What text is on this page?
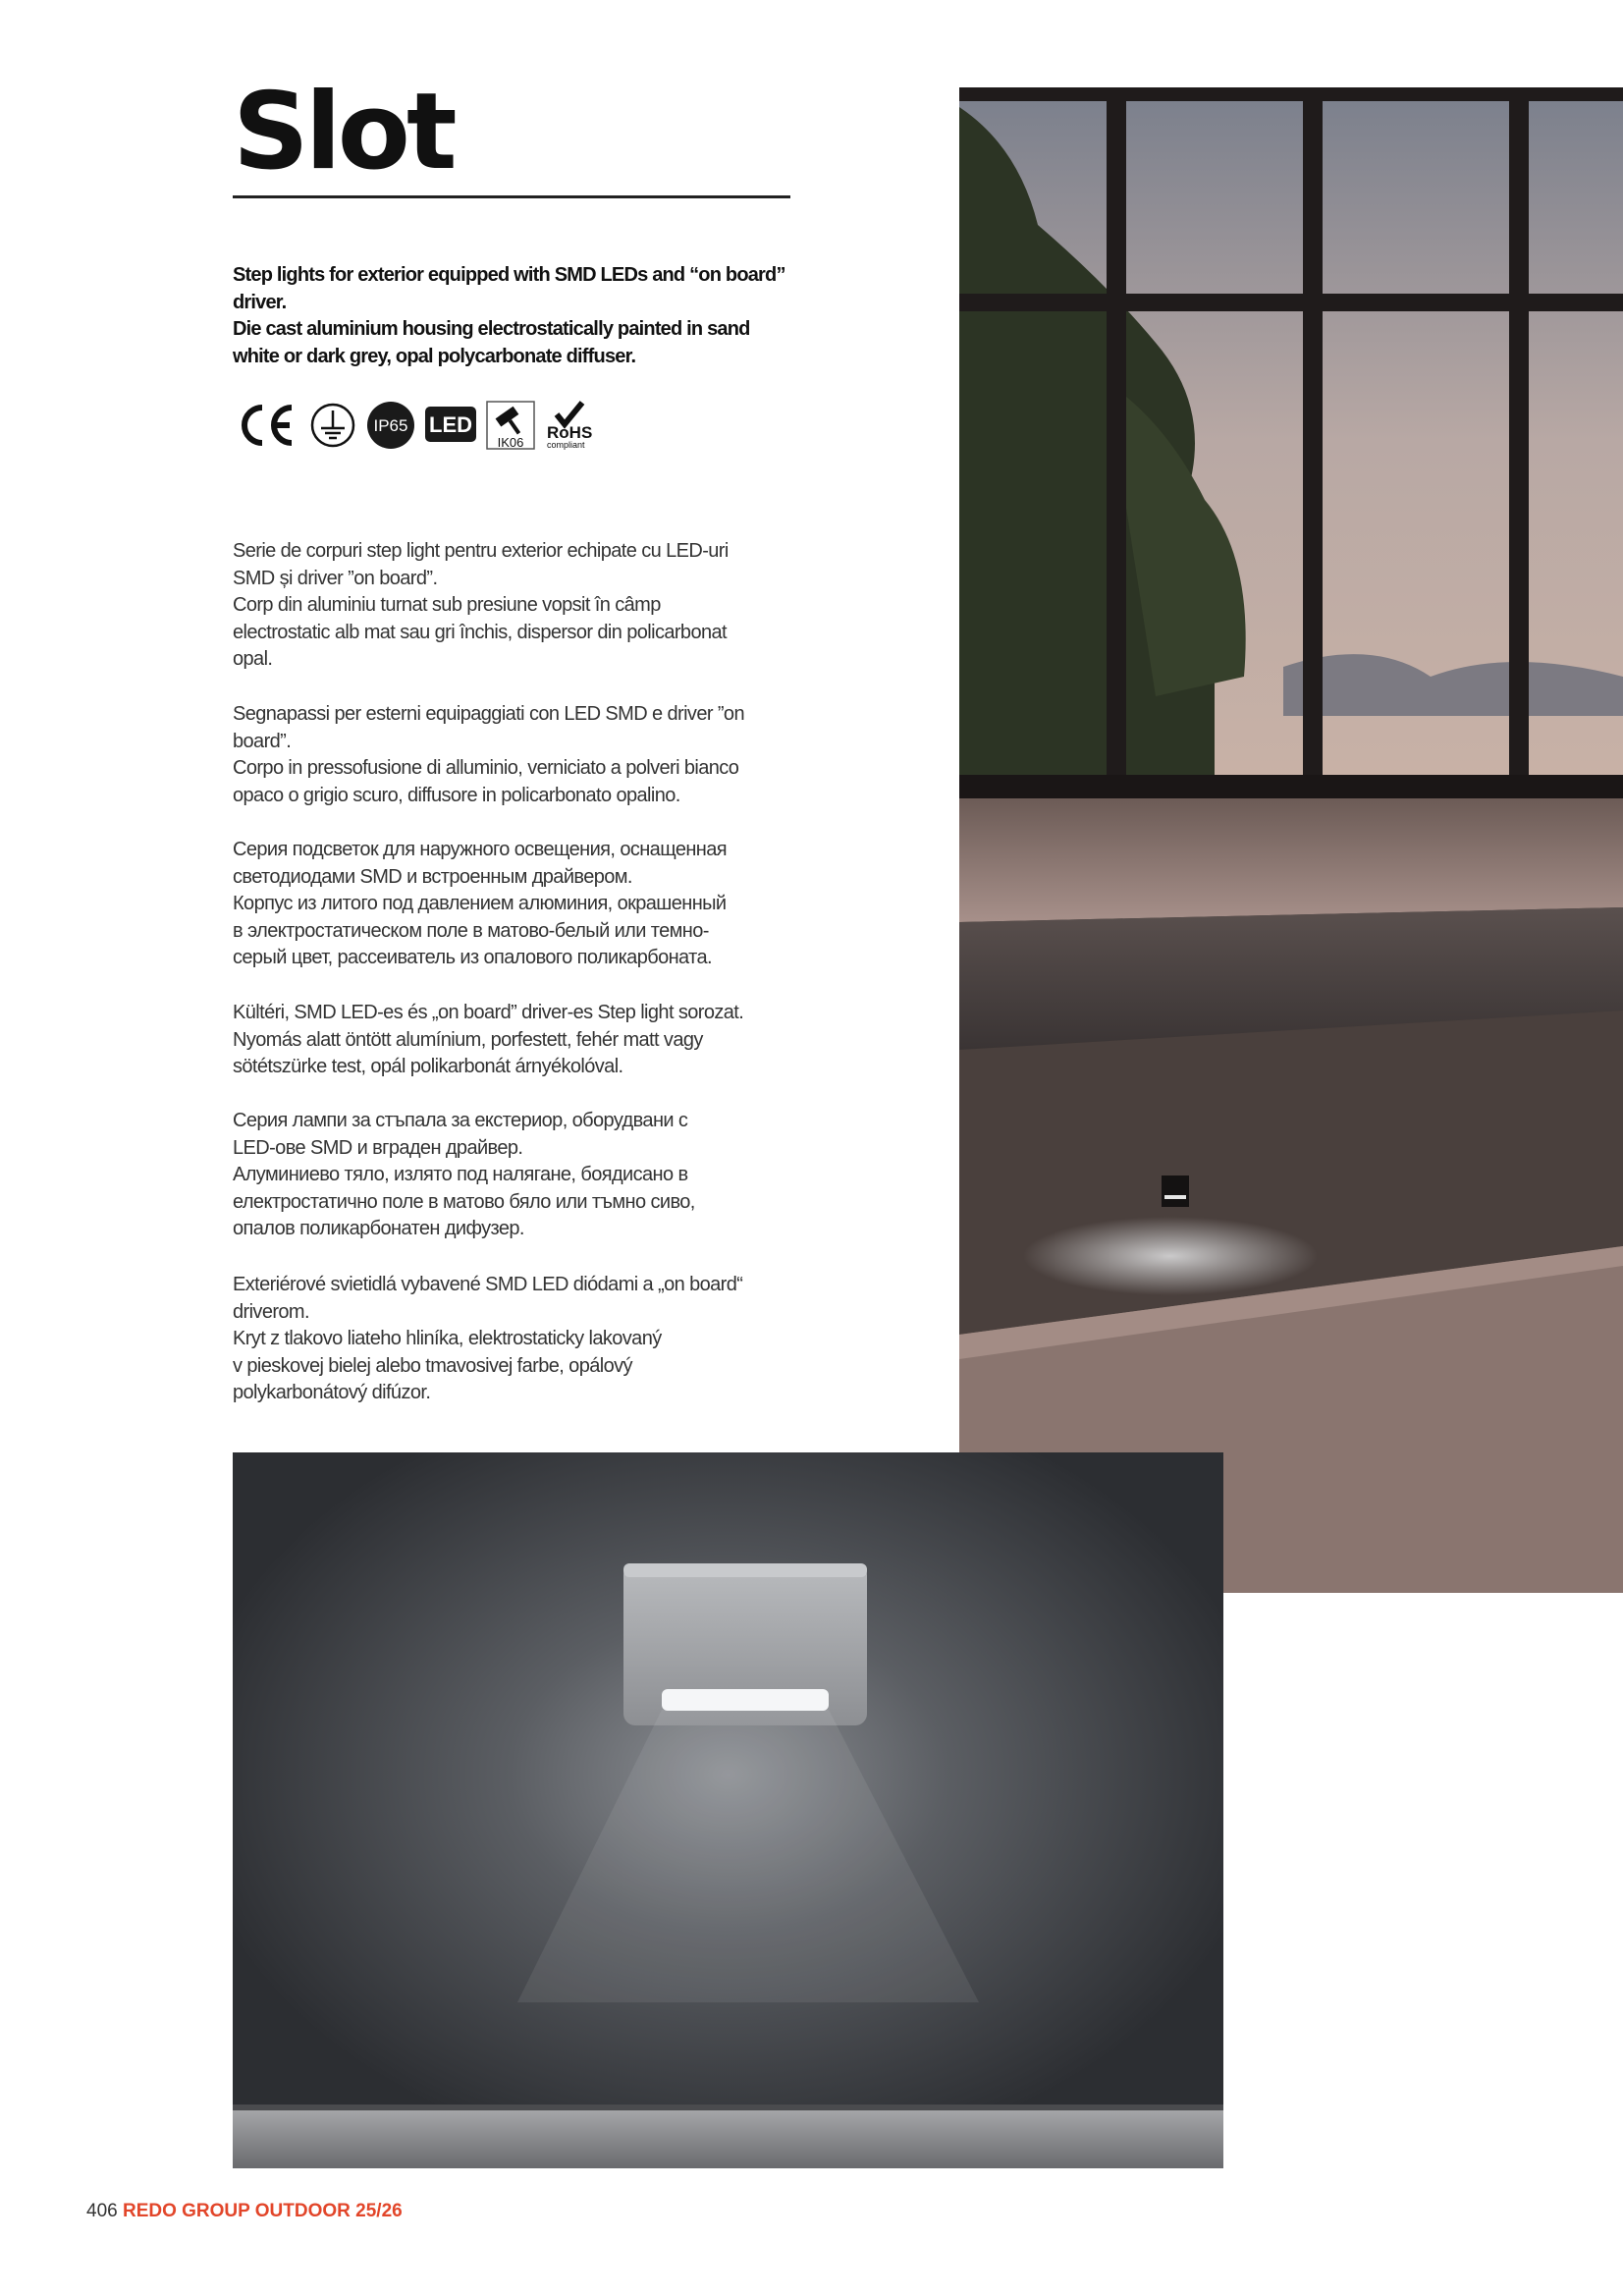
Slot
Step lights for exterior equipped with SMD LEDs and “on board”
driver.
Die cast aluminium housing electrostatically painted in sand
white or dark grey, opal polycarbonate diffuser.
IP65 LED
IK06
RoHS
compliant
Serie de corpuri step light pentru exterior echipate cu LED-uri
SMD și driver ”on board”.
Corp din aluminiu turnat sub presiune vopsit în câmp
electrostatic alb mat sau gri închis, dispersor din policarbonat
opal.
Segnapassi per esterni equipaggiati con LED SMD e driver ”on
board”.
Corpo in pressofusione di alluminio, verniciato a polveri bianco
opaco o grigio scuro, diffusore in policarbonato opalino.
Серия подсветок для наружного освещения, оснащенная
светодиодами SMD и встроенным драйвером.
Корпус из литого под давлением алюминия, окрашенный
в электростатическом поле в матово-белый или темно-
серый цвет, рассеиватель из опалового поликарбоната.
Kültéri, SMD LED-es és „on board” driver-es Step light sorozat.
Nyomás alatt öntött alumínium, porfestett, fehér matt vagy
sötétszürke test, opál polikarbonát árnyékolóval.
Серия лампи за стъпала за екстериор, оборудвани с
LED-ове SMD и вграден драйвер.
Алуминиево тяло, излято под налягане, боядисано в
електростатично поле в матово бяло или тъмно сиво,
опалов поликарбонатен дифузер.
Exteriérové svietidlá vybavené SMD LED diódami a „on board“
driverom.
Kryt z tlakovo liateho hliníka, elektrostaticky lakovaný
v pieskovej bielej alebo tmavosivej farbe, opálový
polykarbonátový difúzor.
406 REDO GROUP OUTDOOR 25/26
